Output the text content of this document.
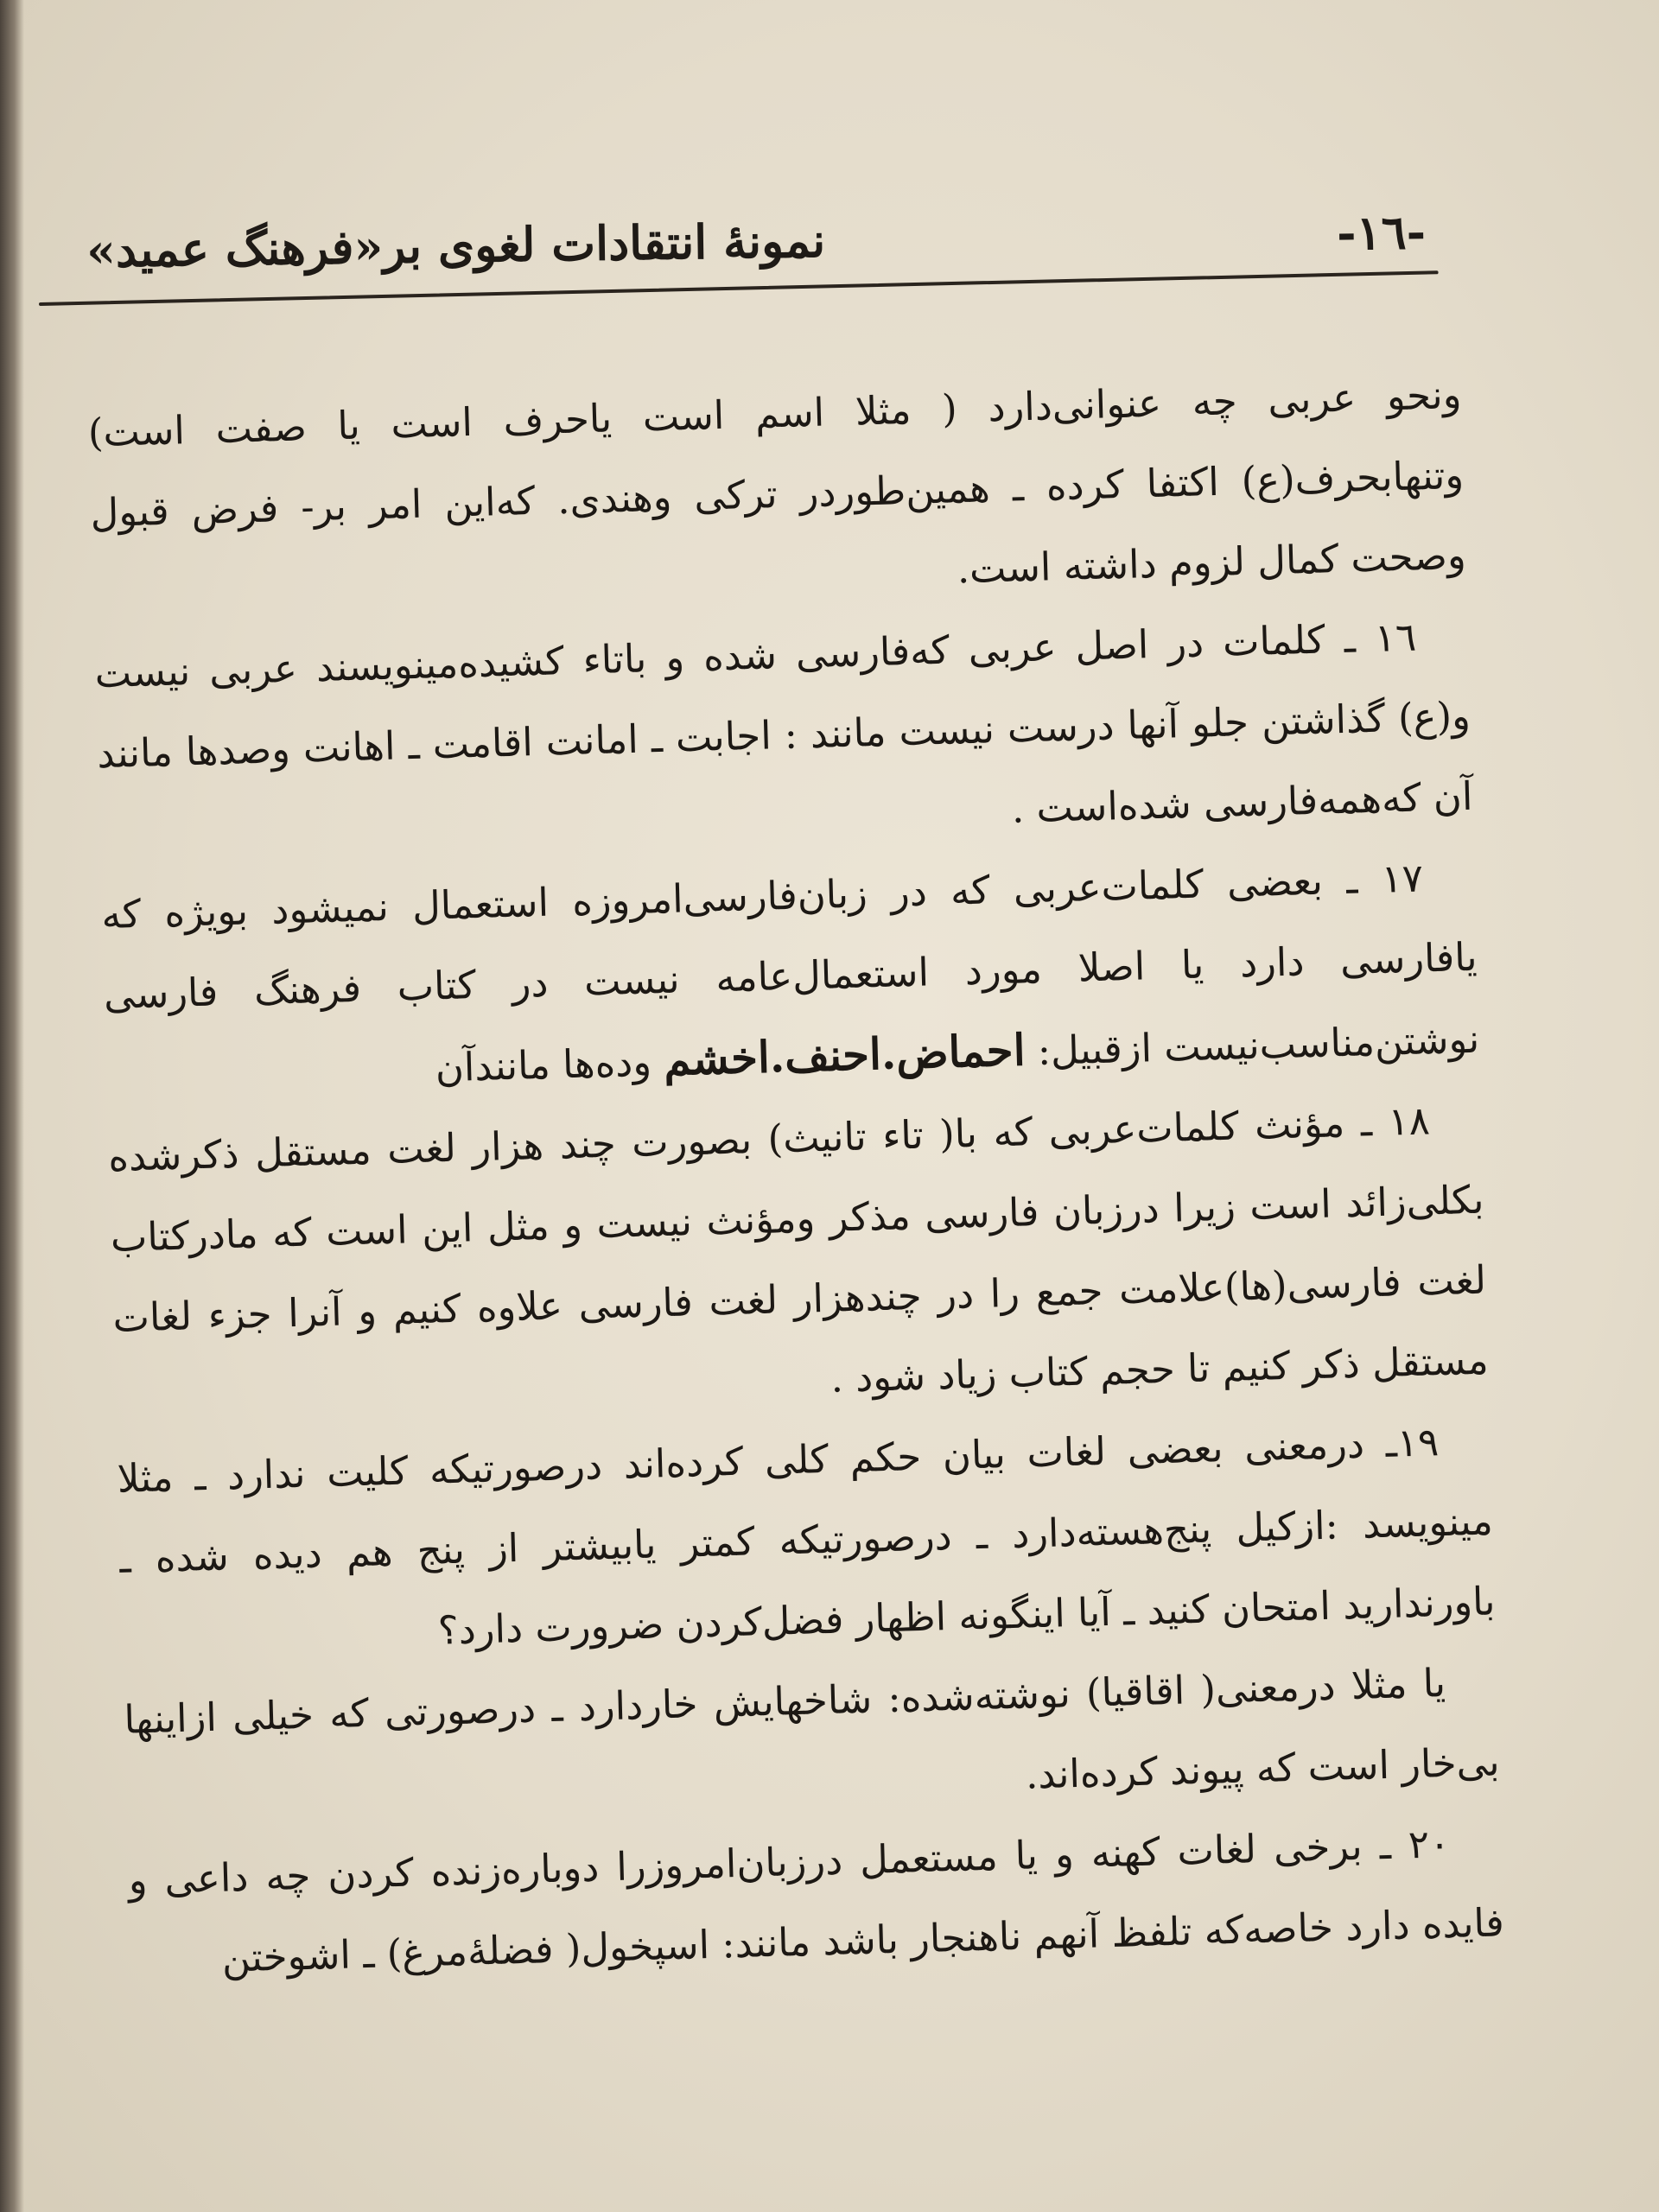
-١٦-
نمونهٔ انتقادات لغوی بر«فرهنگ عمید»

ونحو عربی چه عنوانی‌دارد ( مثلا اسم است یاحرف است یا صفت است) وتنهابحرف(ع) اکتفا کرده ـ همین‌طوردر ترکی وهندی. که‌این امر بر- فرض قبول وصحت کمال لزوم داشته است.

١٦ ـ کلمات در اصل عربی که‌فارسی شده و باتاء کشیده‌مینویسند عربی نیست و(ع) گذاشتن جلو آنها درست نیست مانند : اجابت ـ امانت اقامت ـ اهانت وصدها مانند آن که‌همه‌فارسی شده‌است .

١٧ ـ بعضی کلمات‌عربی که در زبان‌فارسی‌امروزه استعمال نمیشود بویژه که یافارسی دارد یا اصلا مورد استعمال‌عامه نیست در کتاب فرهنگ فارسی نوشتن‌مناسب‌نیست ازقبیل: احماض.احنف.اخشم وده‌ها مانندآن

١٨ ـ مؤنث کلمات‌عربی که با( تاء تانیث) بصورت چند هزار لغت مستقل ذکرشده بکلی‌زائد است زیرا درزبان فارسی مذکر ومؤنث نیست و مثل این است که مادرکتاب لغت فارسی(ها)علامت جمع را در چندهزار لغت فارسی علاوه کنیم و آنرا جزء لغات مستقل ذکر کنیم تا حجم کتاب زیاد شود .

١٩ـ درمعنی بعضی لغات بیان حکم کلی کرده‌اند درصورتیکه کلیت ندارد ـ مثلا مینویسد :ازکیل پنج‌هسته‌دارد ـ درصورتیکه کمتر یابیشتر از پنج هم دیده شده ـ باورندارید امتحان کنید ـ آیا اینگونه اظهار فضل‌کردن ضرورت دارد؟

یا مثلا درمعنی( اقاقیا) نوشته‌شده: شاخهایش خاردارد ـ درصورتی که خیلی ازاینها بی‌خار است که پیوند کرده‌اند.

٢٠ ـ برخی لغات کهنه و یا مستعمل درزبان‌امروزرا دوباره‌زنده کردن چه داعی و فایده دارد خاصه‌که تلفظ آنهم ناهنجار باشد مانند: اسپخول( فضلهٔ‌مرغ) ـ اشوختن
